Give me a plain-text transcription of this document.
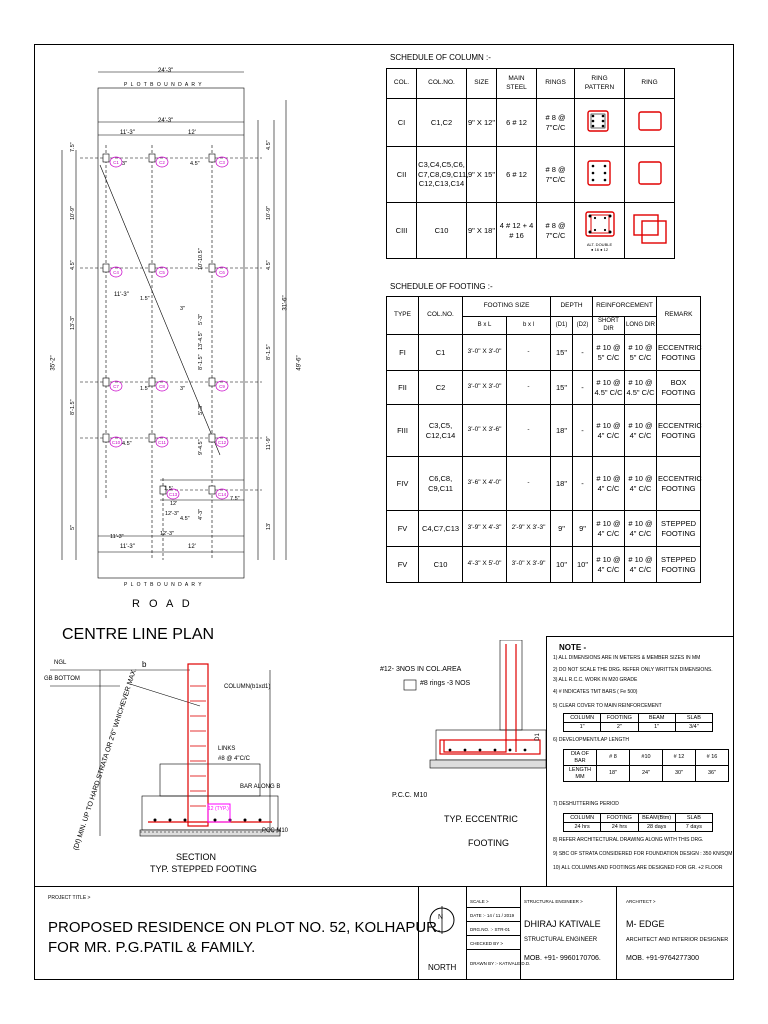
C1	C2	C3
C4	C5	C6
C7	C8	C9
C10	C11	C12
C13	C14
7.5"
10'-9"
4.5"
13'-3"
8'-1.5"
5"
4.5"
10'-9"
4.5"
8'-1.5"
11'-9"
13'
10'-10.5"
5'-3"
13'-4.5"
8'-1.5"
5'-3"
9'-4.5"
4'-3"
3"	4.5"
1.5"
3"
1.5"	3"
4.5"
1.5'
12'
7.5"
12'-3"
4.5"
11'-3"	12'-3"
24'-3"
P L O T B O U N D A R Y
24'-3"
11'-3"	12'
35'-2"	49'-6"
31'-6"
11'-3"
11'-3"	12'
P L O T B O U N D A R Y
R O A D
CENTRE LINE PLAN
SCHEDULE OF COLUMN :-
COL.	COL.NO.	SIZE	MAIN STEEL	RINGS	RING PATTERN	RING
CI	C1,C2	9" X 12"	6 # 12	# 8 @ 7"C/C		
CII	C3,C4,C5,C6, C7,C8,C9,C11, C12,C13,C14	9" X 15"	6 # 12	# 8 @ 7"C/C		
CIII	C10	9" X 18"	4 # 12 + 4 # 16	# 8 @ 7"C/C	ALT. DOUBLE
● 16 ● 12

SCHEDULE OF FOOTING :-
TYPE	COL.NO.	FOOTING SIZE		DEPTH		REINFORCEMENT		REMARK
		B x L	b x l	(D1)	(D2)	SHORT DIR	LONG DIR	
FI	C1	3'-0" X 3'-0"	-	15"	-	# 10 @ 5" C/C	# 10 @ 5" C/C	ECCENTRIC FOOTING
FII	C2	3'-0" X 3'-0"	-	15"	-	# 10 @ 4.5" C/C	# 10 @ 4.5" C/C	BOX FOOTING
FIII	C3,C5, C12,C14	3'-0" X 3'-6"	-	18"	-	# 10 @ 4" C/C	# 10 @ 4" C/C	ECCENTRIC FOOTING
FIV	C6,C8, C9,C11	3'-6" X 4'-0"	-	18"	-	# 10 @ 4" C/C	# 10 @ 4" C/C	ECCENTRIC FOOTING
FV	C4,C7,C13	3'-9" X 4'-3"	2'-9" X 3'-3"	9"	9"	# 10 @ 4" C/C	# 10 @ 4" C/C	STEPPED FOOTING
FV	C10	4'-3" X 5'-0"	3'-0" X 3'-9"	10"	10"	# 10 @ 4" C/C	# 10 @ 4" C/C	STEPPED FOOTING
NGL
GB BOTTOM
COLUMN(b1xd1)
LINKS
#8 @ 4"C/C
BAR ALONG B
PCC M10
12 (TYP.)
(Df) MIN. UP TO HARD STRATA OR 2'6" WHICHEVER MAX.
b
SECTION
TYP. STEPPED FOOTING
#12- 3NOS IN COL.AREA
#8 rings -3 NOS
P.C.C. M10
D1
TYP. ECCENTRIC
FOOTING
NOTE -
1) ALL DIMENSIONS ARE IN METERS & MEMBER SIZES IN MM
2) DO NOT SCALE THE DRG. REFER ONLY WRITTEN DIMENSIONS.
3) ALL R.C.C. WORK IN M20 GRADE
4) # INDICATES TMT BARS ( Fe 500)
5) CLEAR COVER TO MAIN REINFORCEMENT
COLUMN	FOOTING	BEAM	SLAB
1"	2"	1"	3/4"
6) DEVELOPMENT/LAP LENGTH
DIA OF BAR	# 8	#10	# 12	# 16
LENGTH MM	18"	24"	30"	36"
7) DESHUTTERING PERIOD
COLUMN	FOOTING	BEAM(Btm)	SLAB
24 hrs	24 hrs	28 days	7 days
8) REFER ARCHITECTURAL DRAWING ALONG WITH THIS DRG.
9) SBC OF STRATA CONSIDERED FOR FOUNDATION DESIGN : 350 KN/SQM
10) ALL COLUMNS AND FOOTINGS ARE DESIGNED FOR GR. +2 FLOOR
PROJECT TITLE >
PROPOSED RESIDENCE ON PLOT NO. 52, KOLHAPUR.
FOR MR. P.G.PATIL & FAMILY.
N
NORTH
SCALE >
DATE :- 14 / 11 / 2019
DRG.NO. :- STR-01
CHECKED BY >
DRAWN BY :- KATIVALE D.D.
STRUCTURAL ENGINEER >
DHIRAJ KATIVALE
STRUCTURAL ENGINEER
MOB. +91- 9960170706.
ARCHITECT >
M- EDGE
ARCHITECT AND INTERIOR DESIGNER
MOB. +91-9764277300
